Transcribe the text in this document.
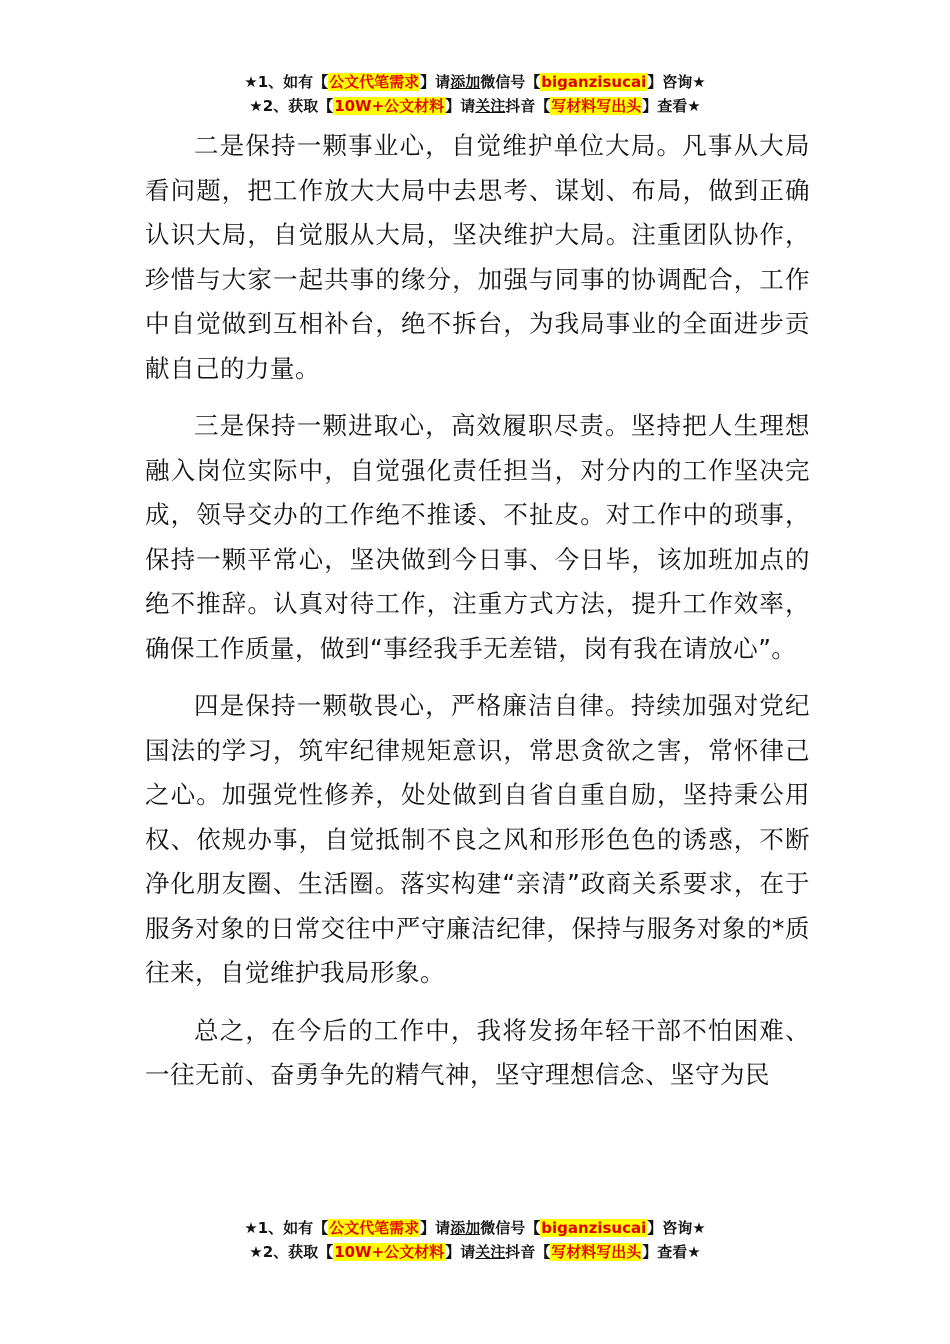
★1、如有【公文代笔需求】请添加微信号【biganzisucai】咨询★
★2、获取【10W+公文材料】请关注抖音【写材料写出头】查看★

二是保持一颗事业心，自觉维护单位大局。凡事从大局看问题，把工作放大大局中去思考、谋划、布局，做到正确认识大局，自觉服从大局，坚决维护大局。注重团队协作，珍惜与大家一起共事的缘分，加强与同事的协调配合，工作中自觉做到互相补台，绝不拆台，为我局事业的全面进步贡献自己的力量。

三是保持一颗进取心，高效履职尽责。坚持把人生理想融入岗位实际中，自觉强化责任担当，对分内的工作坚决完成，领导交办的工作绝不推诿、不扯皮。对工作中的琐事，保持一颗平常心，坚决做到今日事、今日毕，该加班加点的绝不推辞。认真对待工作，注重方式方法，提升工作效率，确保工作质量，做到“事经我手无差错，岗有我在请放心”。

四是保持一颗敬畏心，严格廉洁自律。持续加强对党纪国法的学习，筑牢纪律规矩意识，常思贪欲之害，常怀律己之心。加强党性修养，处处做到自省自重自励，坚持秉公用权、依规办事，自觉抵制不良之风和形形色色的诱惑，不断净化朋友圈、生活圈。落实构建“亲清”政商关系要求，在于服务对象的日常交往中严守廉洁纪律，保持与服务对象的*质往来，自觉维护我局形象。

总之，在今后的工作中，我将发扬年轻干部不怕困难、一往无前、奋勇争先的精气神，坚守理想信念、坚守为民

★1、如有【公文代笔需求】请添加微信号【biganzisucai】咨询★
★2、获取【10W+公文材料】请关注抖音【写材料写出头】查看★
